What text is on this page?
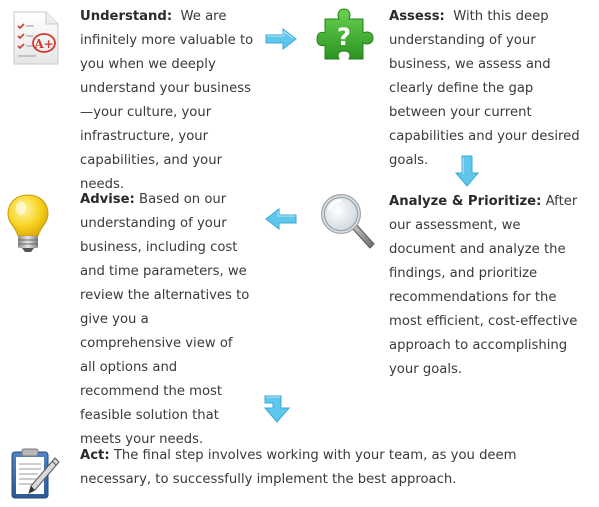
A+
Understand: We are infinitely more valuable to you when we deeply understand your business—your culture, your infrastructure, your capabilities, and your needs.
?
Assess: With this deep understanding of your business, we assess and clearly define the gap between your current capabilities and your desired goals.
Advise: Based on our understanding of your business, including cost and time parameters, we review the alternatives to give you a comprehensive view of all options and recommend the most feasible solution that meets your needs.
Analyze & Prioritize: After our assessment, we document and analyze the findings, and prioritize recommendations for the most efficient, cost-effective approach to accomplishing your goals.
Act: The final step involves working with your team, as you deem necessary, to successfully implement the best approach.
